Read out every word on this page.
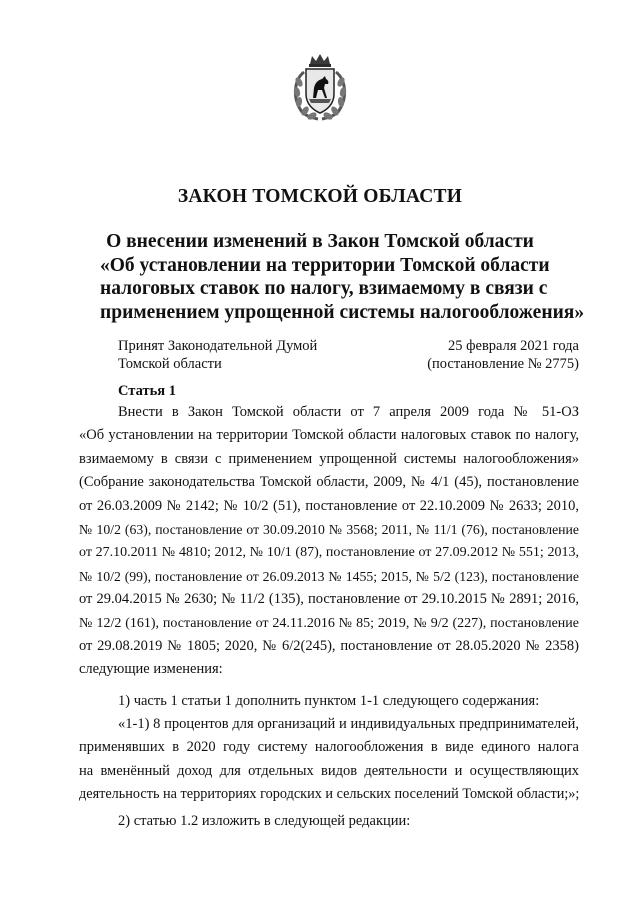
ЗАКОН ТОМСКОЙ ОБЛАСТИ
О внесении изменений в Закон Томской области
«Об установлении на территории Томской области
налоговых ставок по налогу, взимаемому в связи с
применением упрощенной системы налогообложения»
Принят Законодательной Думой
Томской области
25 февраля 2021 года
(постановление № 2775)
Статья 1
Внести в Закон Томской области от 7 апреля 2009 года № 51-ОЗ
«Об установлении на территории Томской области налоговых ставок по налогу,
взимаемому в связи с применением упрощенной системы налогообложения»
(Собрание законодательства Томской области, 2009, № 4/1 (45), постановление
от 26.03.2009 № 2142; № 10/2 (51), постановление от 22.10.2009 № 2633; 2010,
№ 10/2 (63), постановление от 30.09.2010 № 3568; 2011, № 11/1 (76), постановление
от 27.10.2011 № 4810; 2012, № 10/1 (87), постановление от 27.09.2012 № 551; 2013,
№ 10/2 (99), постановление от 26.09.2013 № 1455; 2015, № 5/2 (123), постановление
от 29.04.2015 № 2630; № 11/2 (135), постановление от 29.10.2015 № 2891; 2016,
№ 12/2 (161), постановление от 24.11.2016 № 85; 2019, № 9/2 (227), постановление
от 29.08.2019 № 1805; 2020, № 6/2(245), постановление от 28.05.2020 № 2358)
следующие изменения:
1) часть 1 статьи 1 дополнить пунктом 1-1 следующего содержания:
«1-1) 8 процентов для организаций и индивидуальных предпринимателей,
применявших в 2020 году систему налогообложения в виде единого налога
на вменённый доход для отдельных видов деятельности и осуществляющих
деятельность на территориях городских и сельских поселений Томской области;»;
2) статью 1.2 изложить в следующей редакции:
